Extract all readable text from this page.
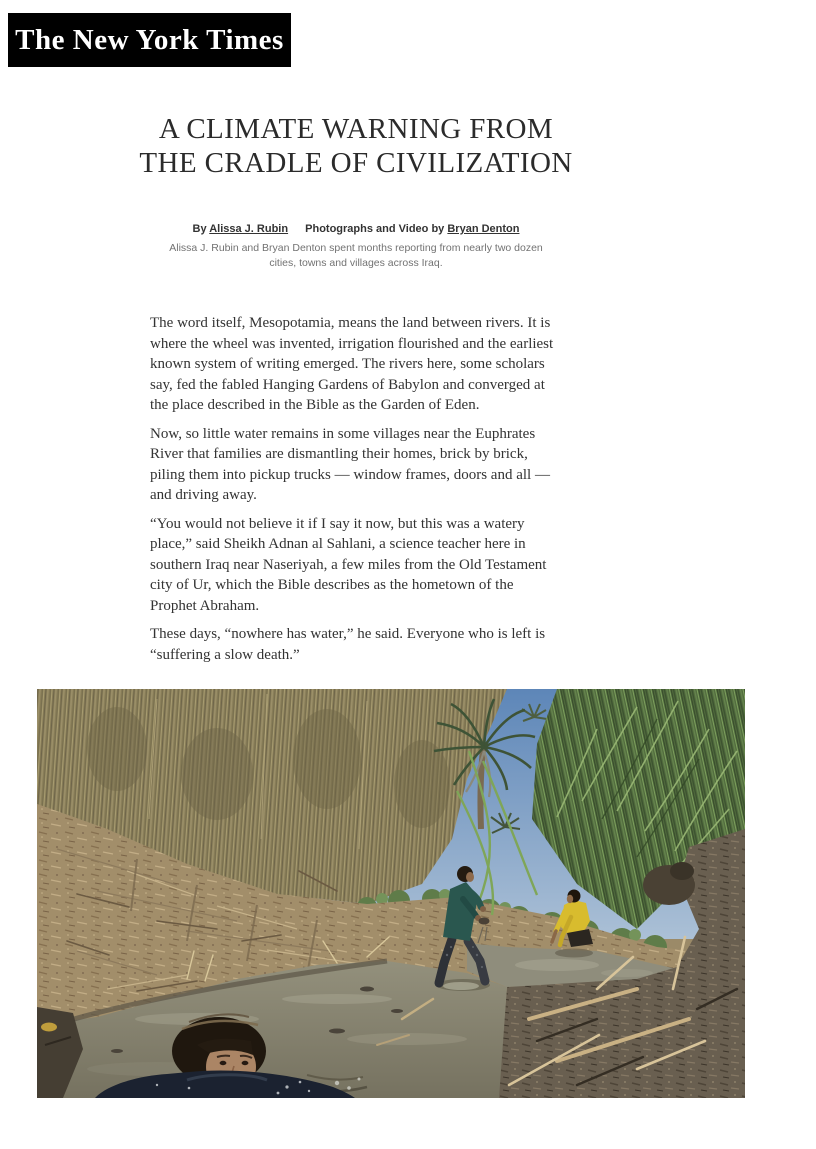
The New York Times
A CLIMATE WARNING FROM
THE CRADLE OF CIVILIZATION
By Alissa J. Rubin Photographs and Video by Bryan Denton

Alissa J. Rubin and Bryan Denton spent months reporting from nearly two dozen cities, towns and villages across Iraq.

The word itself, Mesopotamia, means the land between rivers. It is where the wheel was invented, irrigation flourished and the earliest known system of writing emerged. The rivers here, some scholars say, fed the fabled Hanging Gardens of Babylon and converged at the place described in the Bible as the Garden of Eden.

Now, so little water remains in some villages near the Euphrates River that families are dismantling their homes, brick by brick, piling them into pickup trucks — window frames, doors and all — and driving away.

“You would not believe it if I say it now, but this was a watery place,” said Sheikh Adnan al Sahlani, a science teacher here in southern Iraq near Naseriyah, a few miles from the Old Testament city of Ur, which the Bible describes as the hometown of the Prophet Abraham.

These days, “nowhere has water,” he said. Everyone who is left is “suffering a slow death.”
